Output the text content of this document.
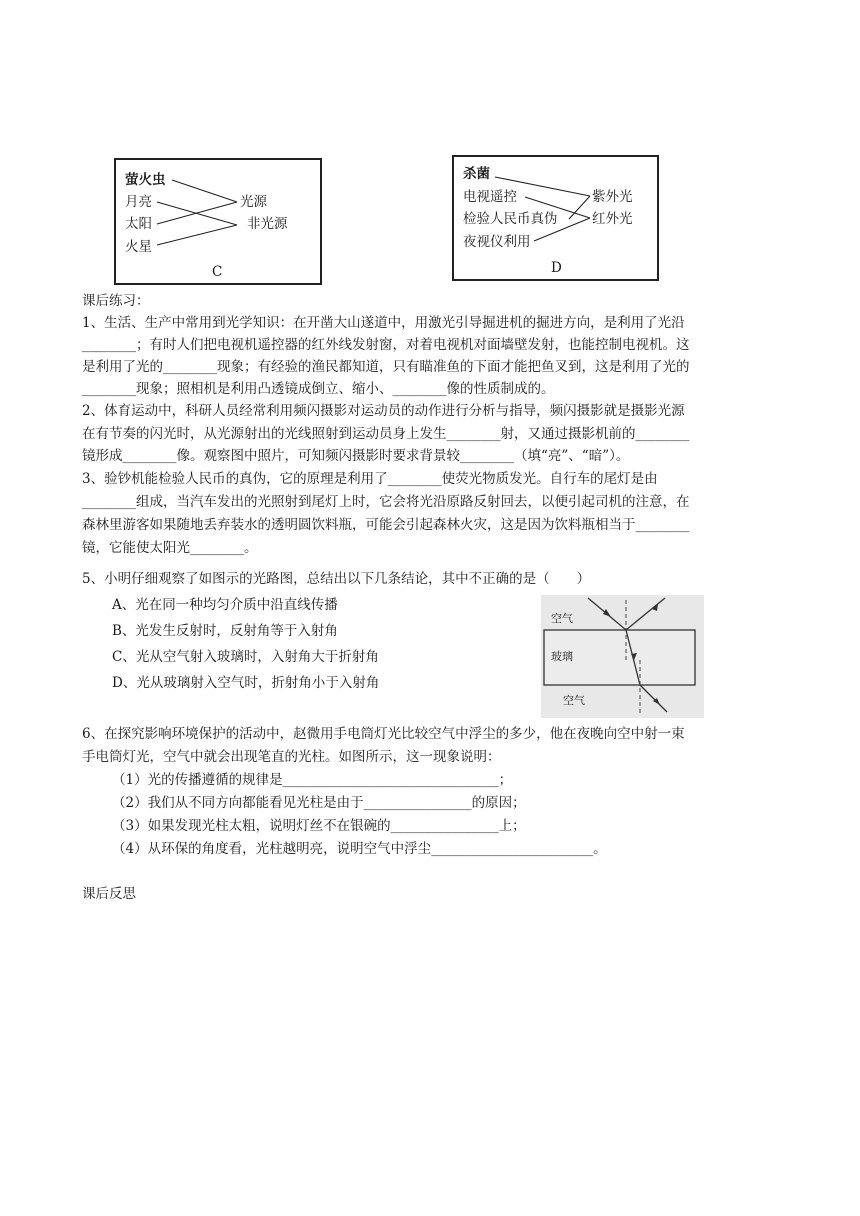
萤火虫
月亮
太阳
火星
光源
非光源
C
杀菌
电视遥控
检验人民币真伪
夜视仪利用
紫外光
红外光
D
课后练习：
1、生活、生产中常用到光学知识：在开凿大山遂道中，用激光引导掘进机的掘进方向，是利用了光沿
________；有时人们把电视机遥控器的红外线发射窗，对着电视机对面墙壁发射，也能控制电视机。这
是利用了光的________现象；有经验的渔民都知道，只有瞄准鱼的下面才能把鱼叉到，这是利用了光的
________现象；照相机是利用凸透镜成倒立、缩小、________像的性质制成的。
2、体育运动中，科研人员经常利用频闪摄影对运动员的动作进行分析与指导，频闪摄影就是摄影光源
在有节奏的闪光时，从光源射出的光线照射到运动员身上发生________射，又通过摄影机前的________
镜形成________像。观察图中照片，可知频闪摄影时要求背景较________（填“亮”、“暗”）。
3、验钞机能检验人民币的真伪，它的原理是利用了________使荧光物质发光。自行车的尾灯是由
________组成，当汽车发出的光照射到尾灯上时，它会将光沿原路反射回去，以便引起司机的注意，在
森林里游客如果随地丢弃装水的透明圆饮料瓶，可能会引起森林火灾，这是因为饮料瓶相当于________
镜，它能使太阳光________。
5、小明仔细观察了如图示的光路图，总结出以下几条结论，其中不正确的是（　　）
A、光在同一种均匀介质中沿直线传播
B、光发生反射时，反射角等于入射角
C、光从空气射入玻璃时，入射角大于折射角
D、光从玻璃射入空气时，折射角小于入射角
空气
玻璃
空气
6、在探究影响环境保护的活动中，赵微用手电筒灯光比较空气中浮尘的多少，他在夜晚向空中射一束
手电筒灯光，空气中就会出现笔直的光柱。如图所示，这一现象说明：
（1）光的传播遵循的规律是________________________________；
（2）我们从不同方向都能看见光柱是由于________________的原因；
（3）如果发现光柱太粗，说明灯丝不在银碗的________________上；
（4）从环保的角度看，光柱越明亮，说明空气中浮尘________________________。
课后反思
